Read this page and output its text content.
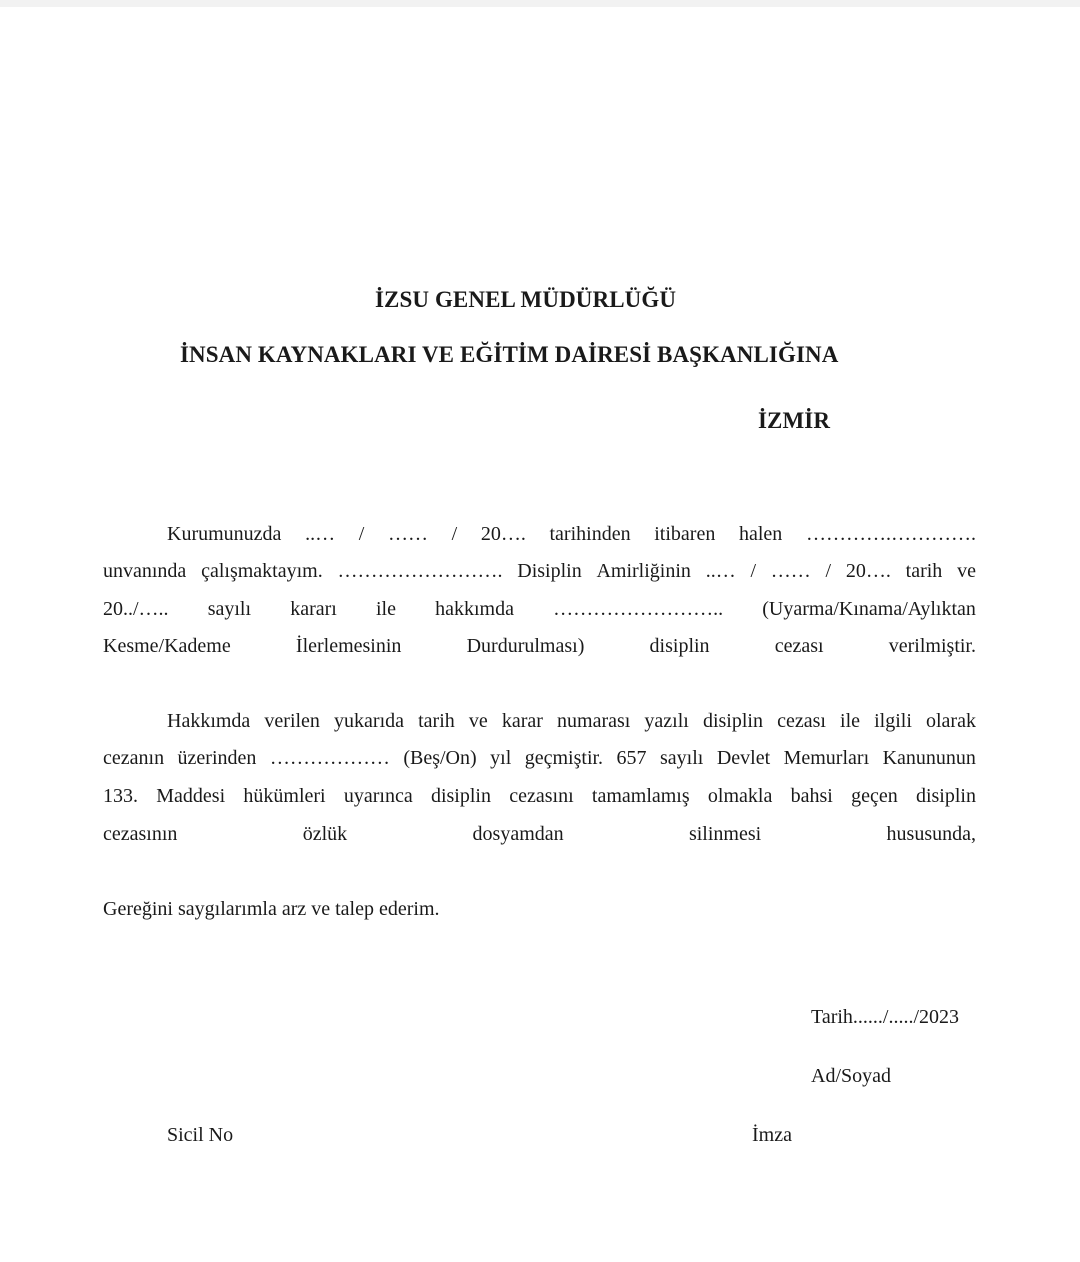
İZSU GENEL MÜDÜRLÜĞÜ
İNSAN KAYNAKLARI VE EĞİTİM DAİRESİ BAŞKANLIĞINA
İZMİR
Kurumunuzda ..… / …… / 20…. tarihinden itibaren halen ………….………….
unvanında çalışmaktayım. ……………………. Disiplin Amirliğinin ..… / …… / 20…. tarih ve
20../….. sayılı kararı ile hakkımda …………………….. (Uyarma/Kınama/Aylıktan
Kesme/Kademe	İlerlemesinin	Durdurulması)	disiplin	cezası	verilmiştir.
Hakkımda verilen yukarıda tarih ve karar numarası yazılı disiplin cezası ile ilgili olarak
cezanın üzerinden ……………… (Beş/On) yıl geçmiştir. 657 sayılı Devlet Memurları Kanununun
133. Maddesi hükümleri uyarınca disiplin cezasını tamamlamış olmakla bahsi geçen disiplin
cezasının	özlük	dosyamdan	silinmesi	hususunda,
Gereğini saygılarımla arz ve talep ederim.
Tarih....../...../2023
Ad/Soyad
Sicil No	İmza
